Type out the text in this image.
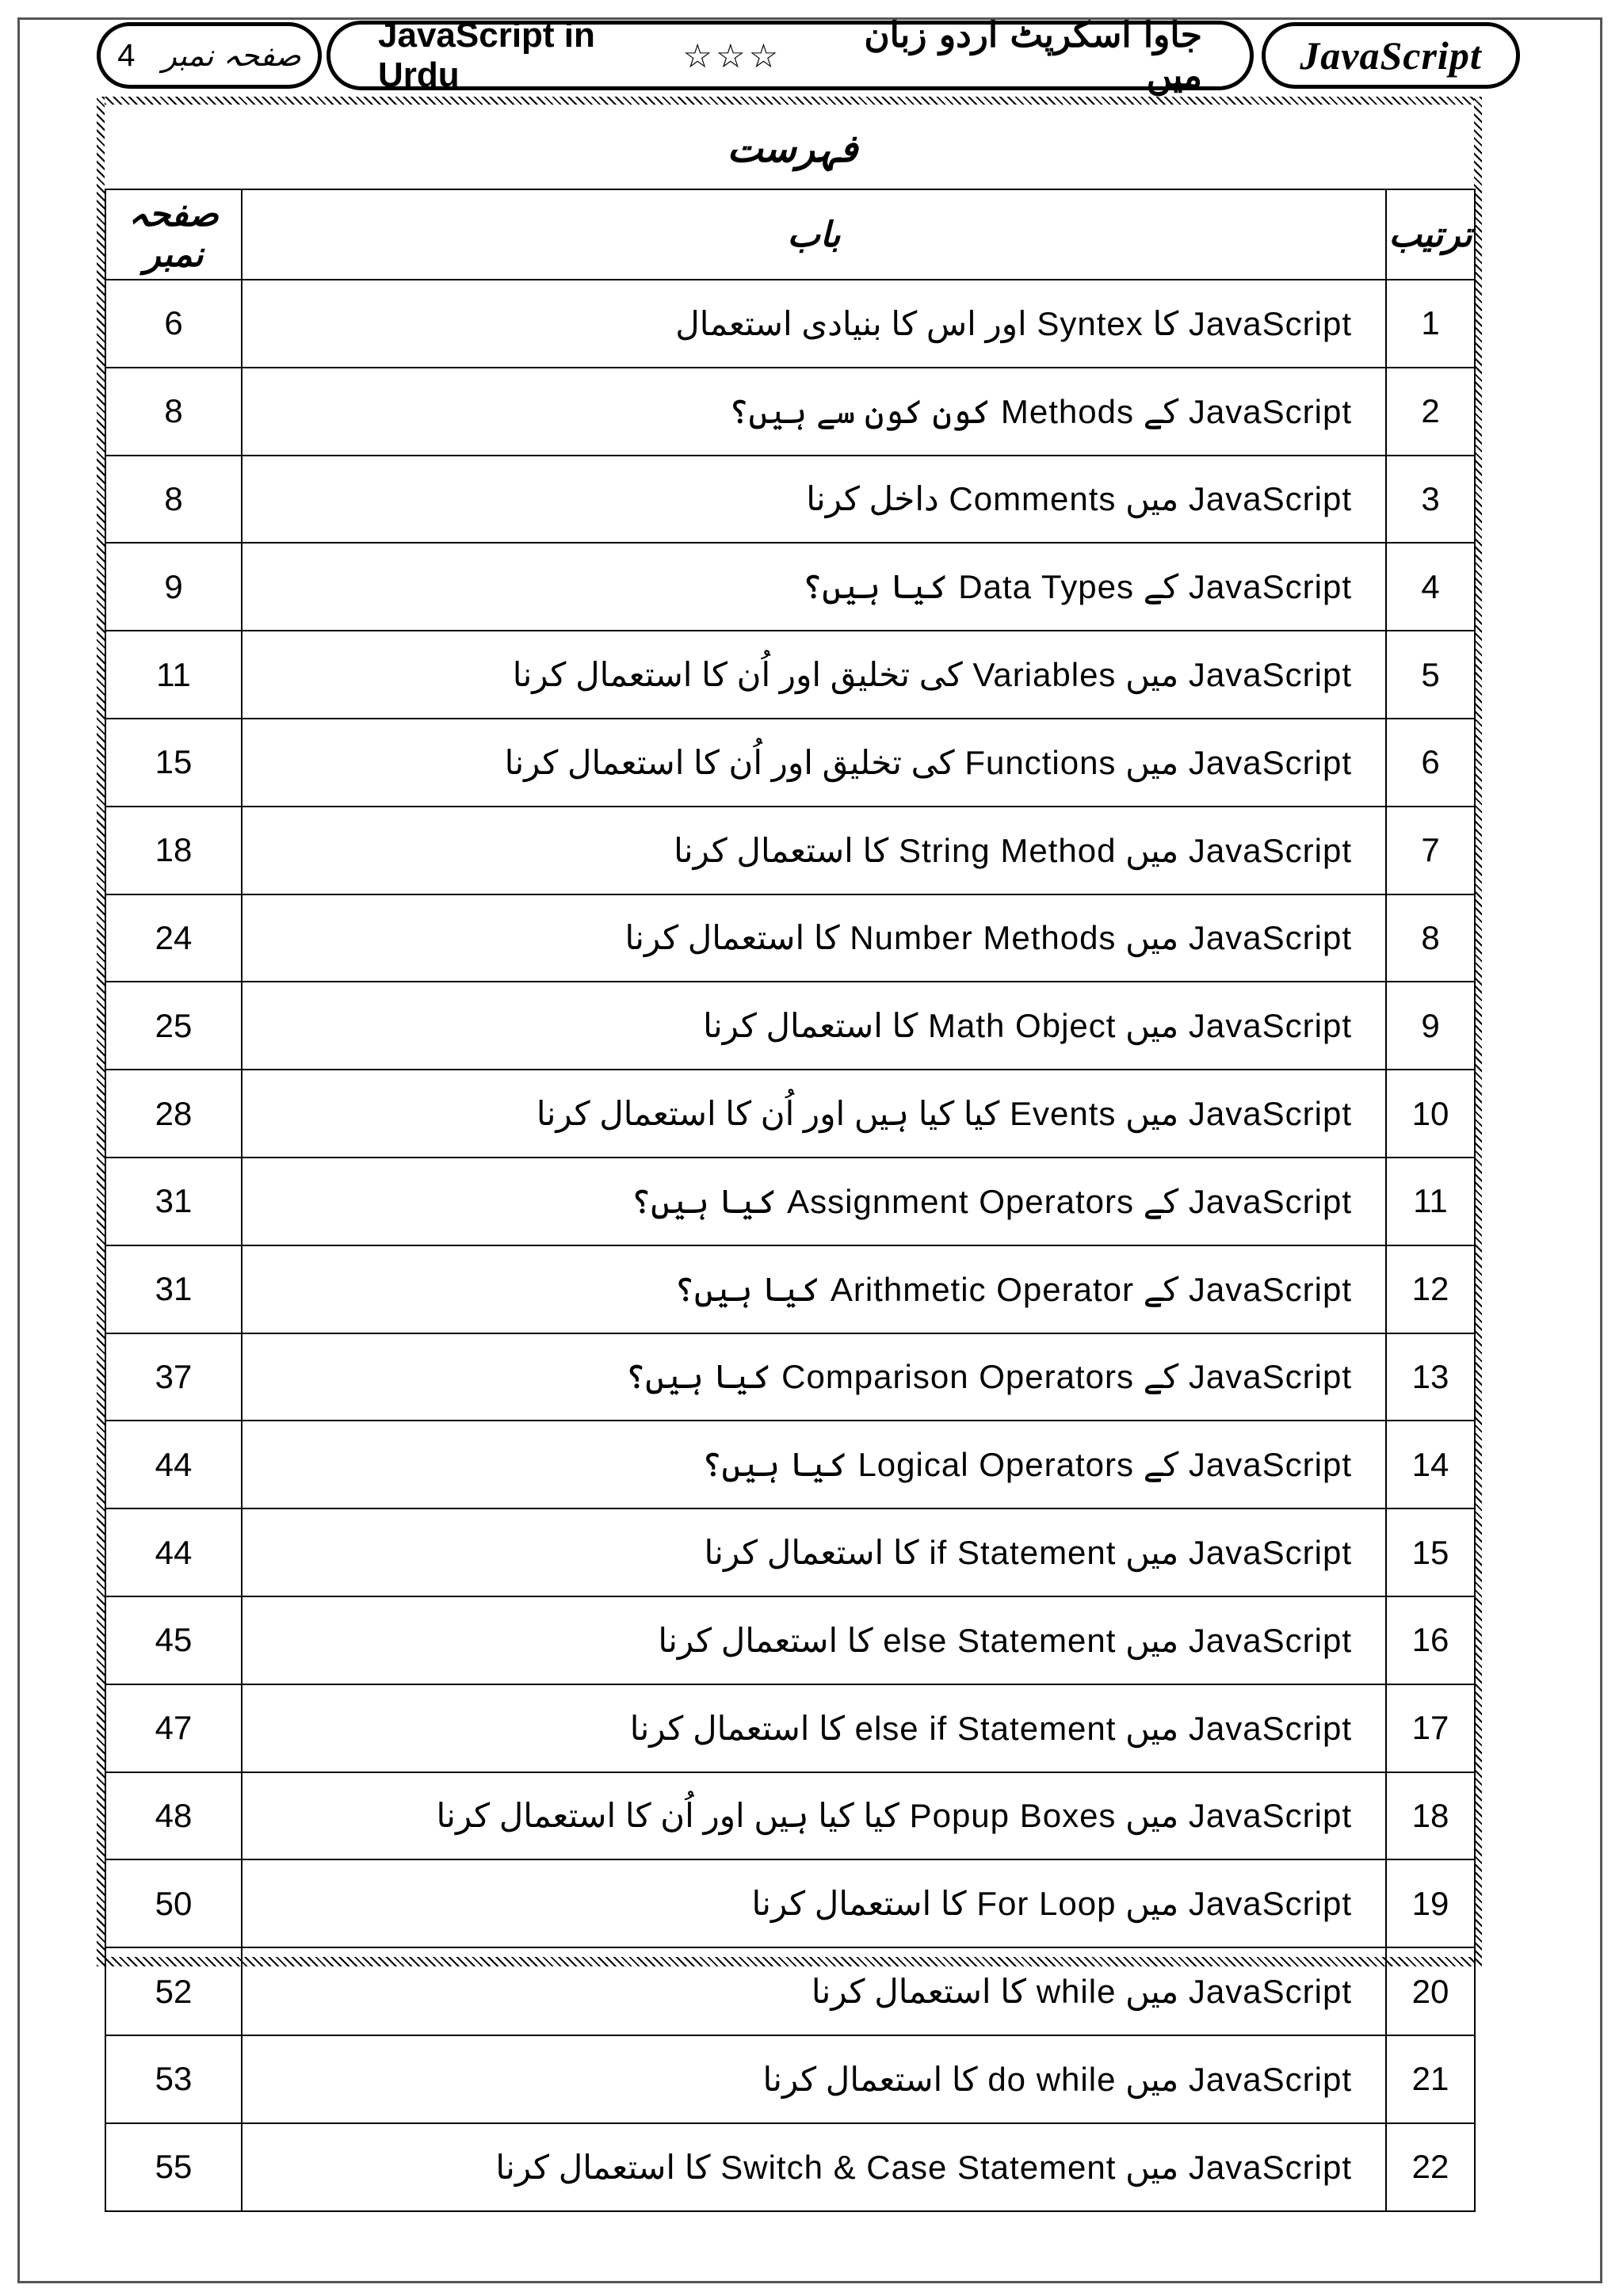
4 صفحہ نمبر
JavaScript in Urdu	☆☆☆	جاوا اسکرپٹ اردو زبان میں JavaScript
فہرست
صفحہ نمبر	باب	ترتیب
6	JavaScript کا Syntex اور اس کا بنیادی استعمال	1
8	JavaScript کے Methods کون کون سے ہیں؟	2
8	JavaScript میں Comments داخل کرنا	3
9	JavaScript کے Data Types کیا ہیں؟	4
11	JavaScript میں Variables کی تخلیق اور اُن کا استعمال کرنا	5
15	JavaScript میں Functions کی تخلیق اور اُن کا استعمال کرنا	6
18	JavaScript میں String Method کا استعمال کرنا	7
24	JavaScript میں Number Methods کا استعمال کرنا	8
25	JavaScript میں Math Object کا استعمال کرنا	9
28	JavaScript میں Events کیا کیا ہیں اور اُن کا استعمال کرنا	10
31	JavaScript کے Assignment Operators کیا ہیں؟	11
31	JavaScript کے Arithmetic Operator کیا ہیں؟	12
37	JavaScript کے Comparison Operators کیا ہیں؟	13
44	JavaScript کے Logical Operators کیا ہیں؟	14
44	JavaScript میں if Statement کا استعمال کرنا	15
45	JavaScript میں else Statement کا استعمال کرنا	16
47	JavaScript میں else if Statement کا استعمال کرنا	17
48	JavaScript میں Popup Boxes کیا کیا ہیں اور اُن کا استعمال کرنا	18
50	JavaScript میں For Loop کا استعمال کرنا	19
52	JavaScript میں while کا استعمال کرنا	20
53	JavaScript میں do while کا استعمال کرنا	21
55	JavaScript میں Switch & Case Statement کا استعمال کرنا	22
